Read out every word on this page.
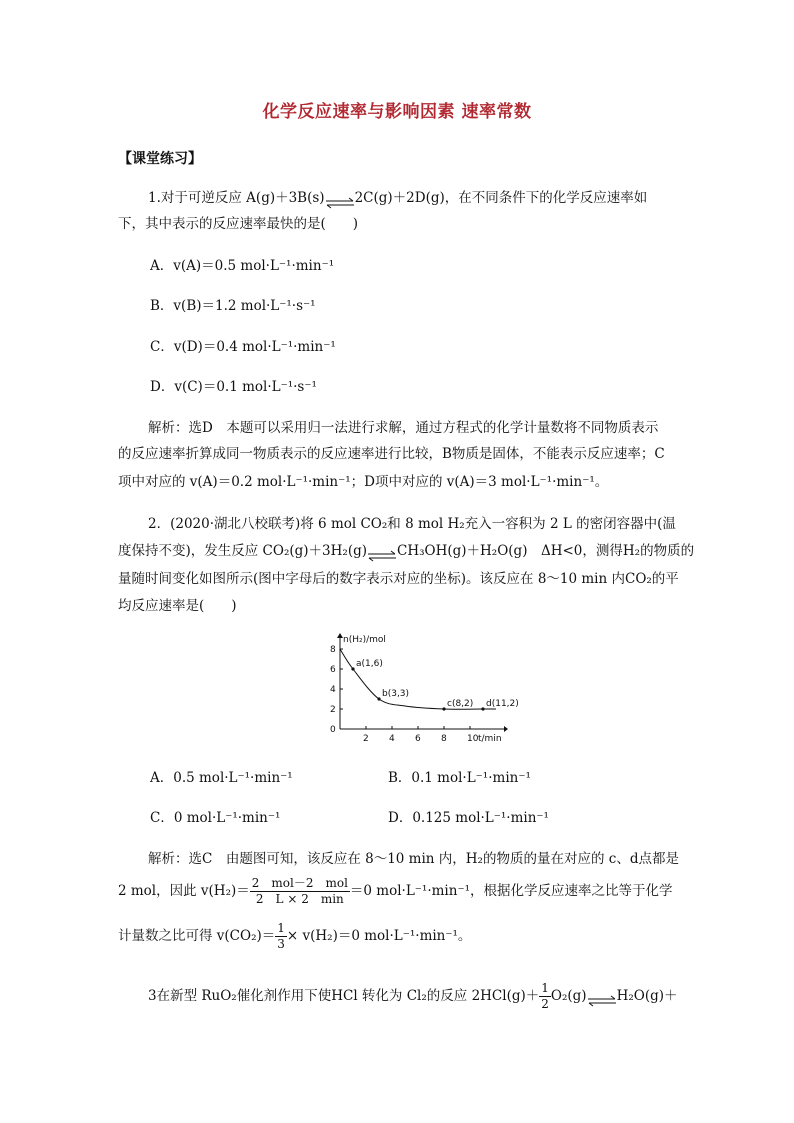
化学反应速率与影响因素 速率常数
【课堂练习】
1.对于可逆反应 A(g)＋3B(s)⇌2C(g)＋2D(g)，在不同条件下的化学反应速率如
下，其中表示的反应速率最快的是(　　)
A．v(A)＝0.5 mol·L⁻¹·min⁻¹
B．v(B)＝1.2 mol·L⁻¹·s⁻¹
C．v(D)＝0.4 mol·L⁻¹·min⁻¹
D．v(C)＝0.1 mol·L⁻¹·s⁻¹
解析：选D　本题可以采用归一法进行求解，通过方程式的化学计量数将不同物质表示
的反应速率折算成同一物质表示的反应速率进行比较，B物质是固体，不能表示反应速率；C
项中对应的 v(A)＝0.2 mol·L⁻¹·min⁻¹；D项中对应的 v(A)＝3 mol·L⁻¹·min⁻¹。
2．(2020·湖北八校联考)将 6 mol CO₂和 8 mol H₂充入一容积为 2 L 的密闭容器中(温
度保持不变)，发生反应 CO₂(g)＋3H₂(g)⇌CH₃OH(g)＋H₂O(g)　ΔH<0，测得H₂的物质的
量随时间变化如图所示(图中字母后的数字表示对应的坐标)。该反应在 8～10 min 内CO₂的平
均反应速率是(　　)
n(H₂)/mol
t/min
2 4 6 8 10
0
2
4
6
8
a(1,6)
b(3,3)
c(8,2) d(11,2)
A．0.5 mol·L⁻¹·min⁻¹	B．0.1 mol·L⁻¹·min⁻¹
C．0 mol·L⁻¹·min⁻¹	D．0.125 mol·L⁻¹·min⁻¹
解析：选C　由题图可知，该反应在 8～10 min 内，H₂的物质的量在对应的 c、d点都是
2 mol，因此 $v(H_2)= \frac{\text{2　mol－2　mol}}{2 L \times 2 \min} =0$ mol·L⁻¹·min⁻¹，根据化学反应速率之比等于化学
计量数之比可得 $v(CO_2)= \frac{1}{3} \times v(H_2)=0$ mol·L⁻¹·min⁻¹。
3在新型 RuO₂催化剂作用下使HCl 转化为 Cl₂的反应 $2HCl(g)+ \frac{1}{2}$ O₂(g)⇌H₂O(g)＋
